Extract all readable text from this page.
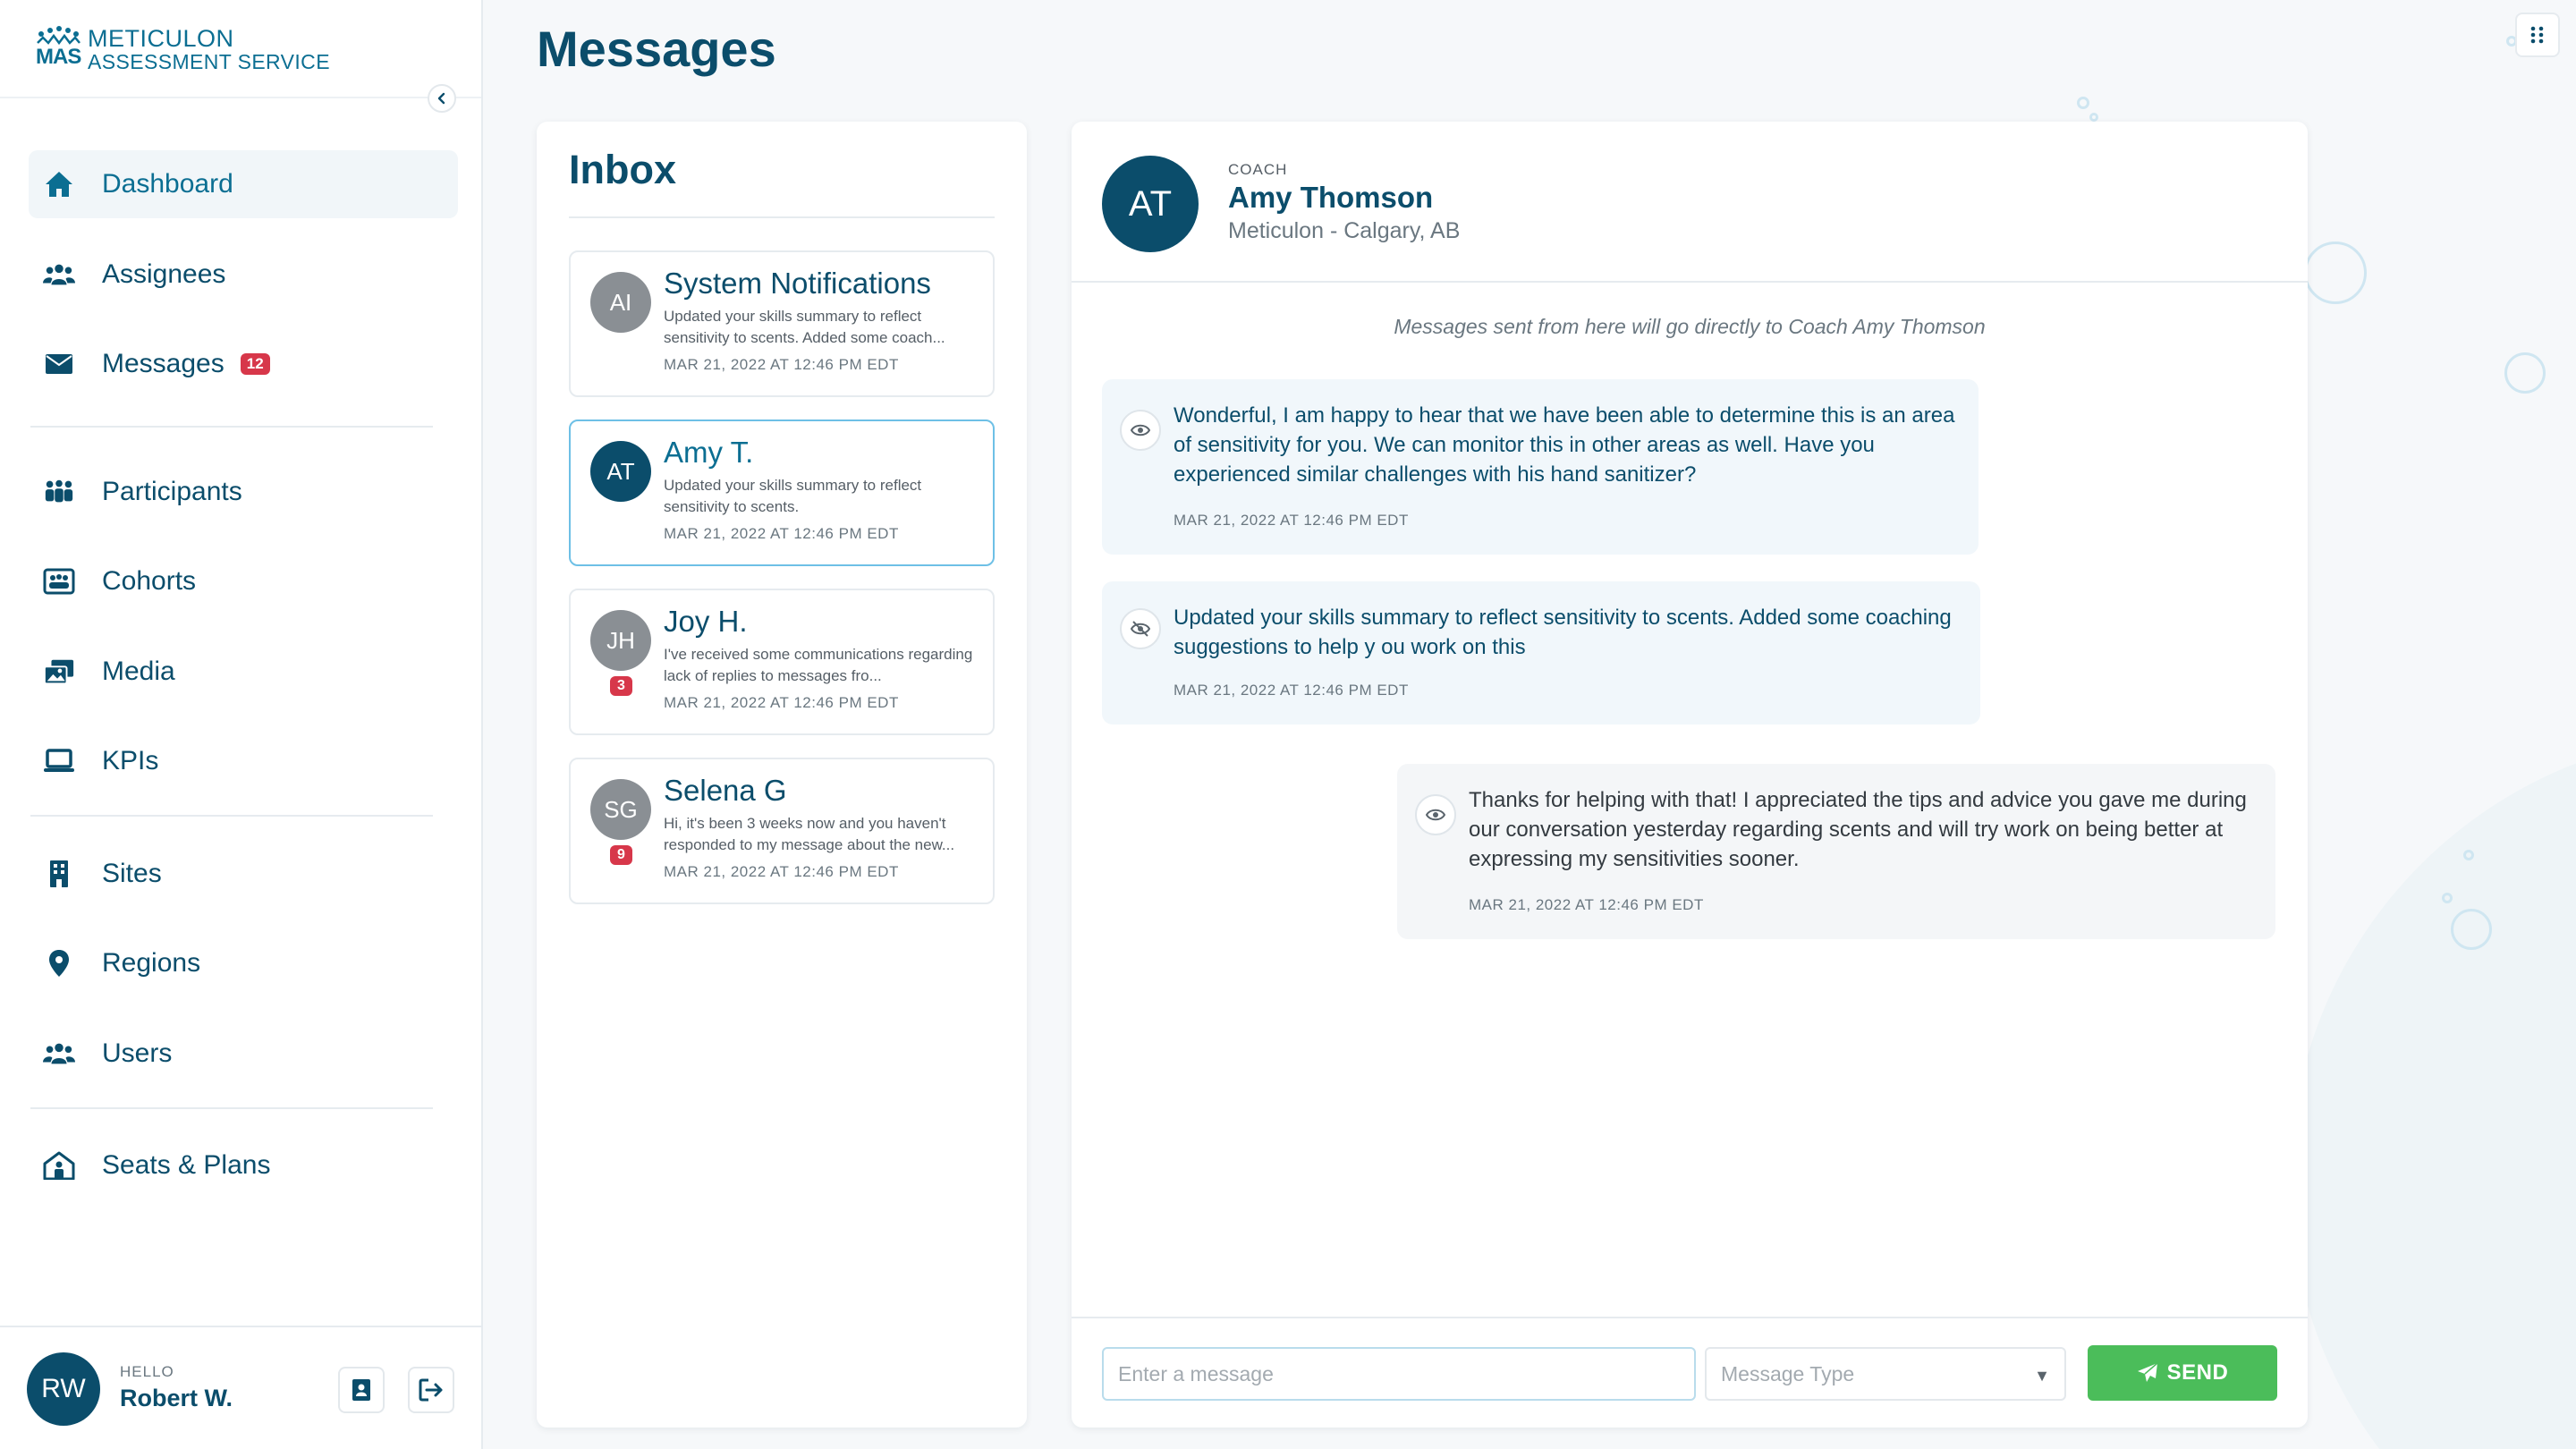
MAS
METICULON
ASSESSMENT SERVICE
Dashboard
Assignees
Messages	12
Participants
Cohorts
Media
KPIs
Sites
Regions
Users
Seats & Plans
RW
HELLO
Robert W.
Messages
Inbox
AI
System Notifications
Updated your skills summary to reflect sensitivity to scents. Added some coach...
MAR 21, 2022 AT 12:46 PM EDT
AT
Amy T.
Updated your skills summary to reflect sensitivity to scents.
MAR 21, 2022 AT 12:46 PM EDT
JH
3
Joy H.
I've received some communications regarding lack of replies to messages fro...
MAR 21, 2022 AT 12:46 PM EDT
SG
9
Selena G
Hi, it's been 3 weeks now and you haven't responded to my message about the new...
MAR 21, 2022 AT 12:46 PM EDT
AT
COACH
Amy Thomson
Meticulon - Calgary, AB

Messages sent from here will go directly to Coach Amy Thomson

Wonderful, I am happy to hear that we have been able to determine this is an area of sensitivity for you. We can monitor this in other areas as well. Have you experienced similar challenges with his hand sanitizer?
MAR 21, 2022 AT 12:46 PM EDT
Updated your skills summary to reflect sensitivity to scents. Added some coaching suggestions to help y ou work on this
MAR 21, 2022 AT 12:46 PM EDT
Thanks for helping with that! I appreciated the tips and advice you gave me during our conversation yesterday regarding scents and will try work on being better at expressing my sensitivities sooner.
MAR 21, 2022 AT 12:46 PM EDT
Enter a message
Message Type	▼	SEND
